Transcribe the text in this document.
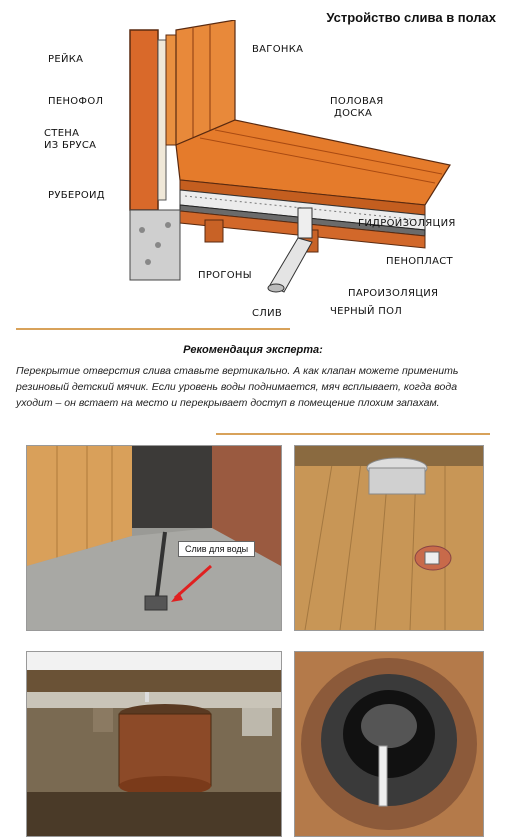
Устройство слива в полах
РЕЙКА
ПЕНОФОЛ
СТЕНА
ИЗ БРУСА
РУБЕРОИД
ВАГОНКА
ПОЛОВАЯ
ДОСКА
ГИДРОИЗОЛЯЦИЯ
ПЕНОПЛАСТ
ПАРОИЗОЛЯЦИЯ
ЧЕРНЫЙ ПОЛ
ПРОГОНЫ
СЛИВ
Рекомендация эксперта:
Перекрытие отверстия слива ставьте вертикально. А как клапан можете применить резиновый детский мячик. Если уровень воды поднимается, мяч всплывает, когда вода уходит – он встает на место и перекрывает доступ в помещение плохим запахам.
Слив для воды
